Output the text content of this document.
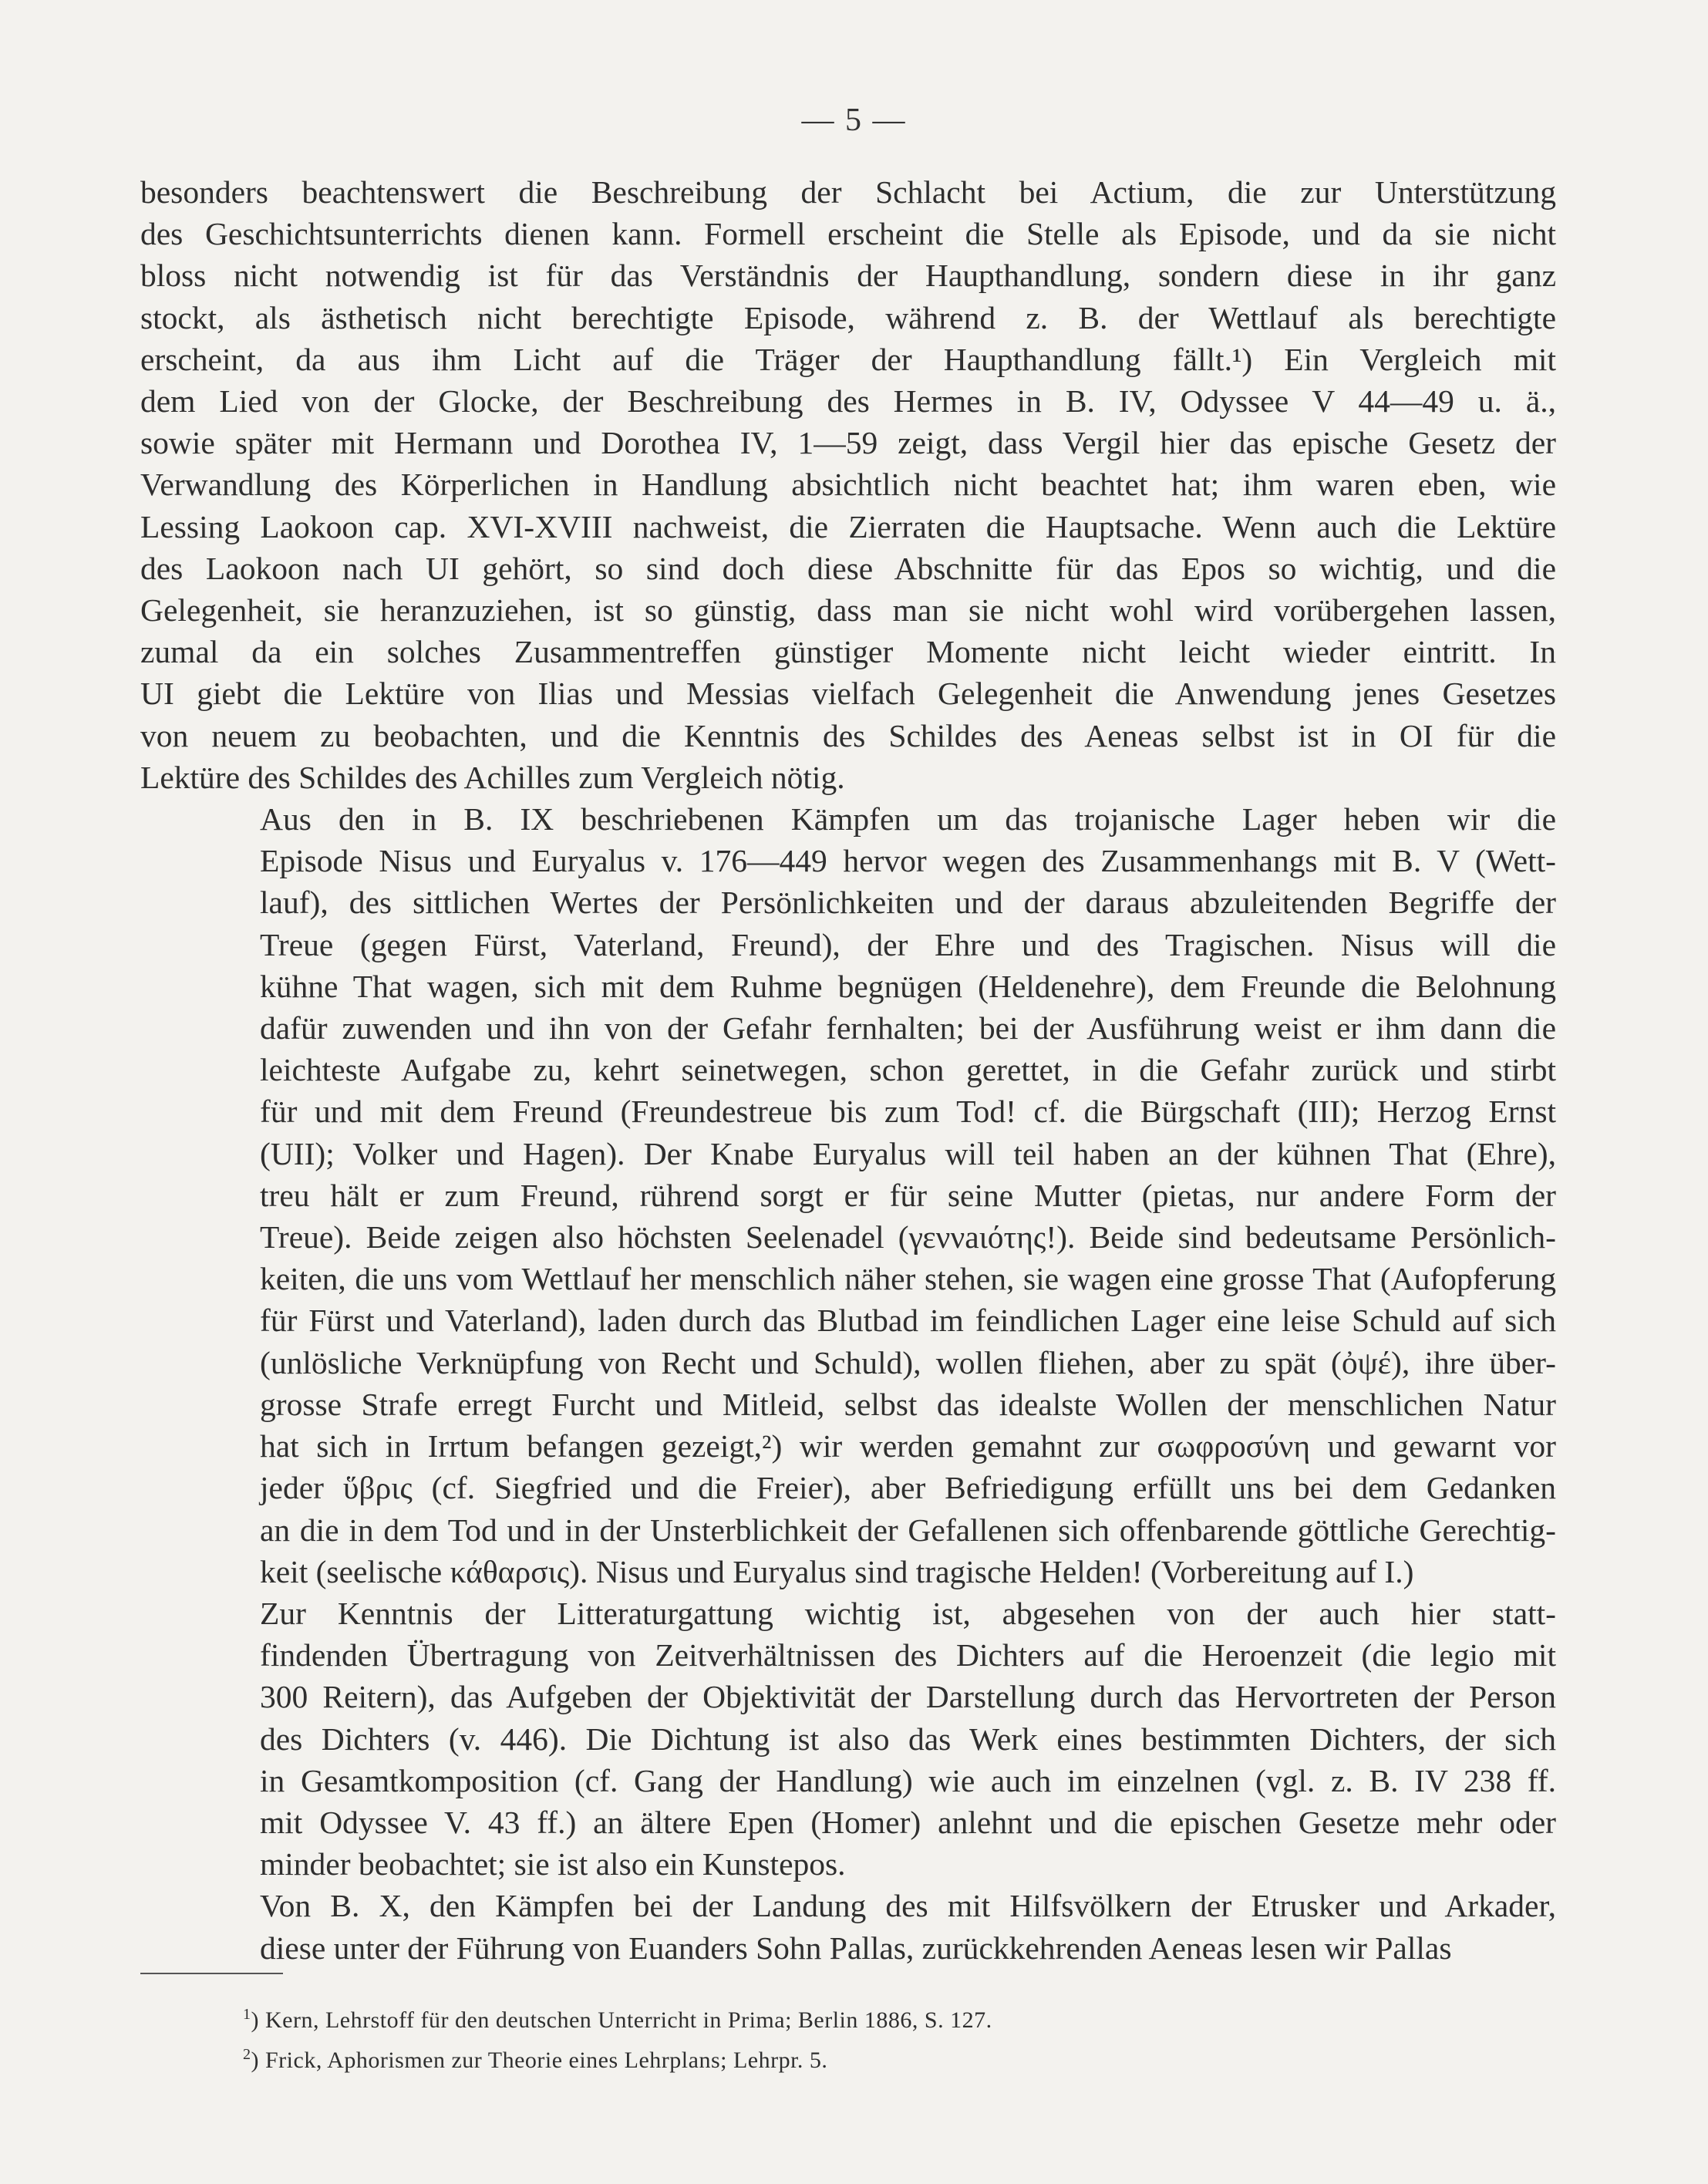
— 5 —
besonders beachtenswert die Beschreibung der Schlacht bei Actium, die zur Unterstützung
des Geschichtsunterrichts dienen kann. Formell erscheint die Stelle als Episode, und da sie nicht
bloss nicht notwendig ist für das Verständnis der Haupthandlung, sondern diese in ihr ganz
stockt, als ästhetisch nicht berechtigte Episode, während z. B. der Wettlauf als berechtigte
erscheint, da aus ihm Licht auf die Träger der Haupthandlung fällt.¹) Ein Vergleich mit
dem Lied von der Glocke, der Beschreibung des Hermes in B. IV, Odyssee V 44—49 u. ä.,
sowie später mit Hermann und Dorothea IV, 1—59 zeigt, dass Vergil hier das epische Gesetz der
Verwandlung des Körperlichen in Handlung absichtlich nicht beachtet hat; ihm waren eben, wie
Lessing Laokoon cap. XVI-XVIII nachweist, die Zierraten die Hauptsache. Wenn auch die Lektüre
des Laokoon nach UI gehört, so sind doch diese Abschnitte für das Epos so wichtig, und die
Gelegenheit, sie heranzuziehen, ist so günstig, dass man sie nicht wohl wird vorübergehen lassen,
zumal da ein solches Zusammentreffen günstiger Momente nicht leicht wieder eintritt. In
UI giebt die Lektüre von Ilias und Messias vielfach Gelegenheit die Anwendung jenes Gesetzes
von neuem zu beobachten, und die Kenntnis des Schildes des Aeneas selbst ist in OI für die
Lektüre des Schildes des Achilles zum Vergleich nötig.
Aus den in B. IX beschriebenen Kämpfen um das trojanische Lager heben wir die
Episode Nisus und Euryalus v. 176—449 hervor wegen des Zusammenhangs mit B. V (Wett-
lauf), des sittlichen Wertes der Persönlichkeiten und der daraus abzuleitenden Begriffe der
Treue (gegen Fürst, Vaterland, Freund), der Ehre und des Tragischen. Nisus will die
kühne That wagen, sich mit dem Ruhme begnügen (Heldenehre), dem Freunde die Belohnung
dafür zuwenden und ihn von der Gefahr fernhalten; bei der Ausführung weist er ihm dann die
leichteste Aufgabe zu, kehrt seinetwegen, schon gerettet, in die Gefahr zurück und stirbt
für und mit dem Freund (Freundestreue bis zum Tod! cf. die Bürgschaft (III); Herzog Ernst
(UII); Volker und Hagen). Der Knabe Euryalus will teil haben an der kühnen That (Ehre),
treu hält er zum Freund, rührend sorgt er für seine Mutter (pietas, nur andere Form der
Treue). Beide zeigen also höchsten Seelenadel (γεννaιότης!). Beide sind bedeutsame Persönlich-
keiten, die uns vom Wettlauf her menschlich näher stehen, sie wagen eine grosse That (Aufopferung
für Fürst und Vaterland), laden durch das Blutbad im feindlichen Lager eine leise Schuld auf sich
(unlösliche Verknüpfung von Recht und Schuld), wollen fliehen, aber zu spät (ὀψέ), ihre über-
grosse Strafe erregt Furcht und Mitleid, selbst das idealste Wollen der menschlichen Natur
hat sich in Irrtum befangen gezeigt,²) wir werden gemahnt zur σωφροσύνη und gewarnt vor
jeder ὕβρις (cf. Siegfried und die Freier), aber Befriedigung erfüllt uns bei dem Gedanken
an die in dem Tod und in der Unsterblichkeit der Gefallenen sich offenbarende göttliche Gerechtig-
keit (seelische κάθαρσις). Nisus und Euryalus sind tragische Helden! (Vorbereitung auf I.)
Zur Kenntnis der Litteraturgattung wichtig ist, abgesehen von der auch hier statt-
findenden Übertragung von Zeitverhältnissen des Dichters auf die Heroenzeit (die legio mit
300 Reitern), das Aufgeben der Objektivität der Darstellung durch das Hervortreten der Person
des Dichters (v. 446). Die Dichtung ist also das Werk eines bestimmten Dichters, der sich
in Gesamtkomposition (cf. Gang der Handlung) wie auch im einzelnen (vgl. z. B. IV 238 ff.
mit Odyssee V. 43 ff.) an ältere Epen (Homer) anlehnt und die epischen Gesetze mehr oder
minder beobachtet; sie ist also ein Kunstepos.
Von B. X, den Kämpfen bei der Landung des mit Hilfsvölkern der Etrusker und Arkader,
diese unter der Führung von Euanders Sohn Pallas, zurückkehrenden Aeneas lesen wir Pallas
$^1$) Kern, Lehrstoff für den deutschen Unterricht in Prima; Berlin 1886, S. 127.
$^2$) Frick, Aphorismen zur Theorie eines Lehrplans; Lehrpr. 5.
